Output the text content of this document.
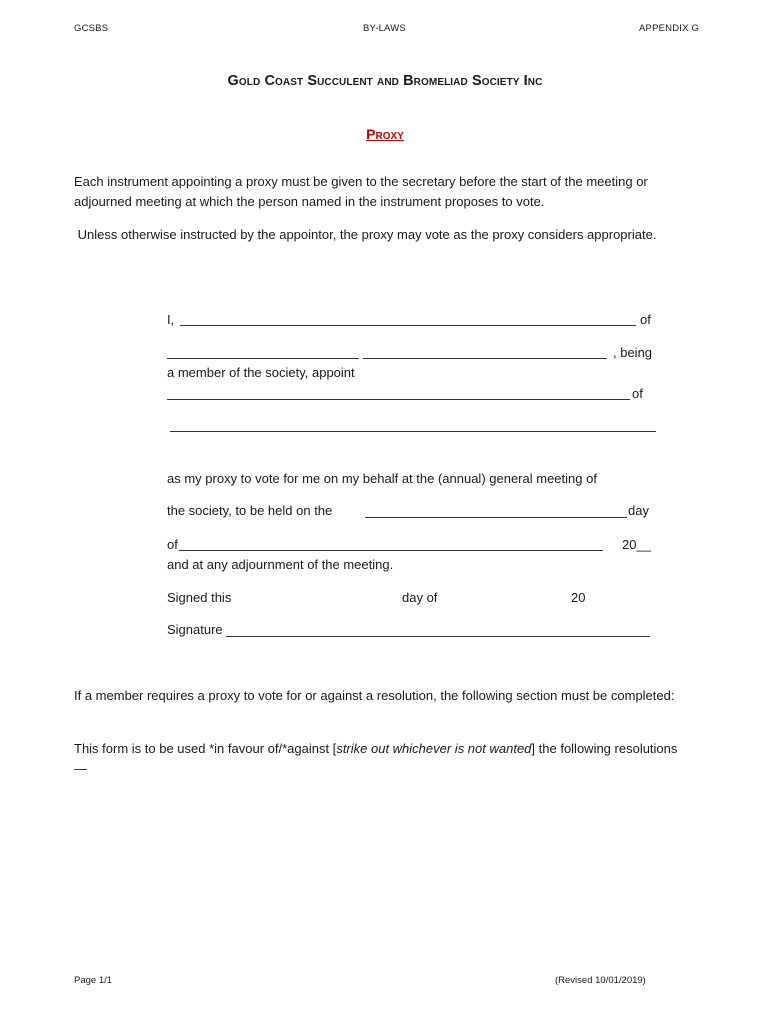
GCSBS	BY-LAWS	APPENDIX G
Gold Coast Succulent and Bromeliad Society Inc
Proxy
Each instrument appointing a proxy must be given to the secretary before the start of the meeting or adjourned meeting at which the person named in the instrument proposes to vote.
Unless otherwise instructed by the appointor, the proxy may vote as the proxy considers appropriate.
I,	of
, being
a member of the society, appoint
of
as my proxy to vote for me on my behalf at the (annual) general meeting of
the society, to be held on the	day
of	20__
and at any adjournment of the meeting.
Signed this	day of	20
Signature
If a member requires a proxy to vote for or against a resolution, the following section must be completed:
This form is to be used *in favour of/*against [strike out whichever is not wanted] the following resolutions—
Page 1/1	(Revised 10/01/2019)
